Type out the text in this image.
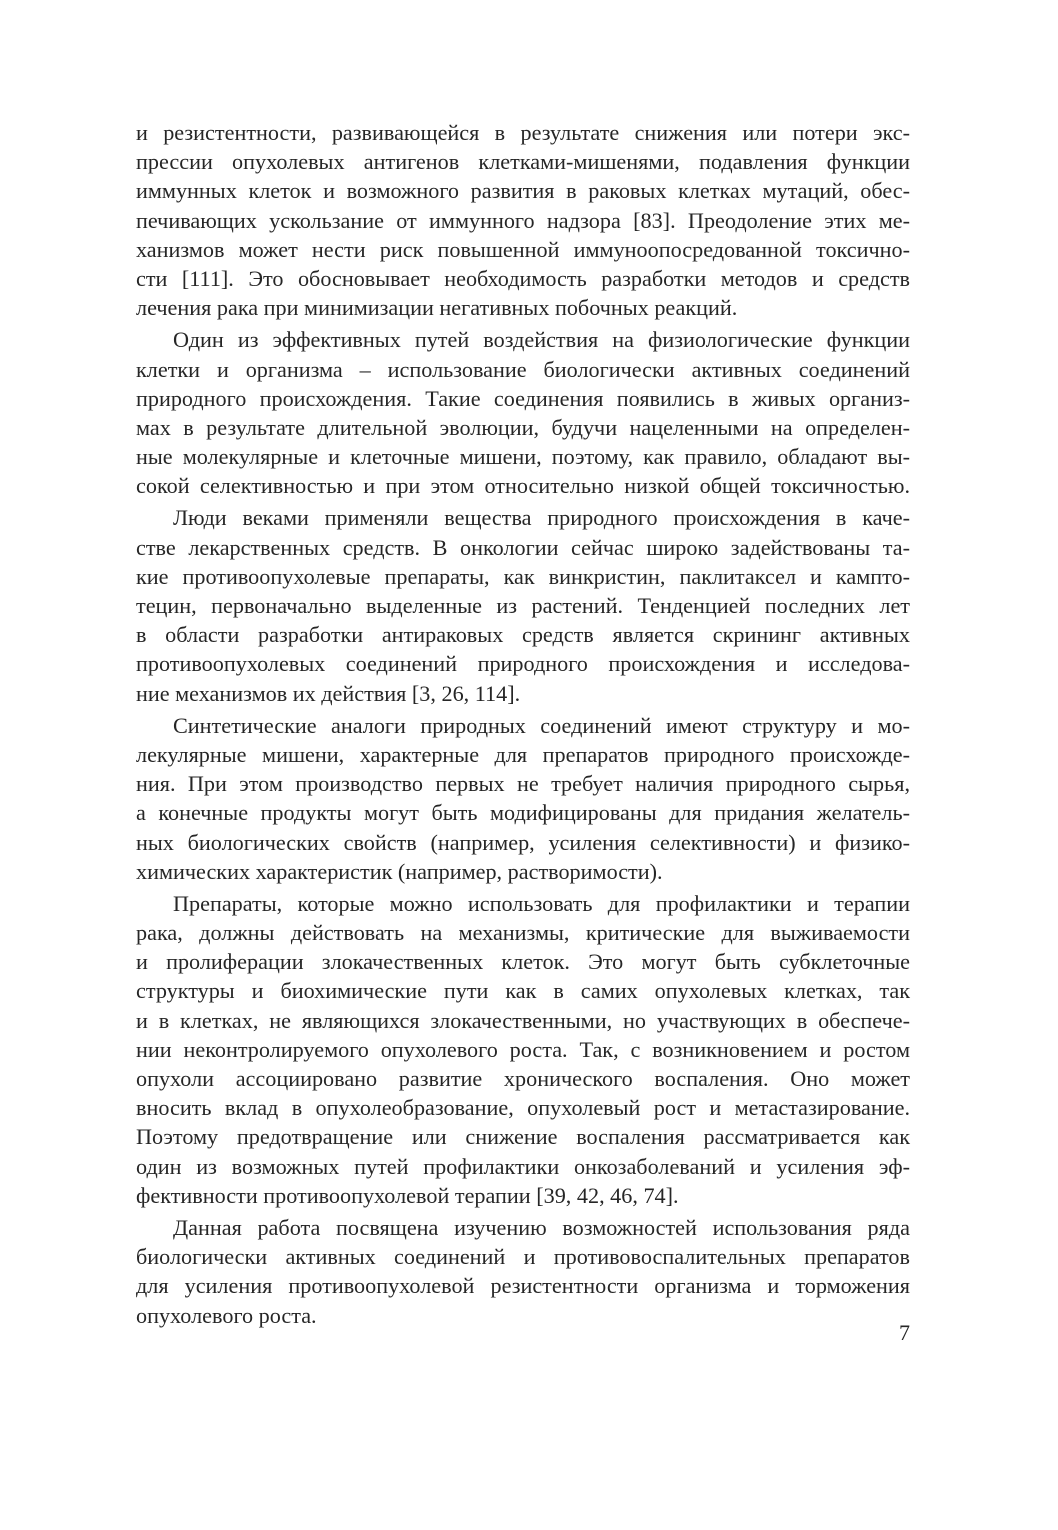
и резистентности, развивающейся в результате снижения или потери экс-
прессии опухолевых антигенов клетками-мишенями, подавления функции
иммунных клеток и возможного развития в раковых клетках мутаций, обес-
печивающих ускользание от иммунного надзора [83]. Преодоление этих ме-
ханизмов может нести риск повышенной иммуноопосредованной токсично-
сти [111]. Это обосновывает необходимость разработки методов и средств
лечения рака при минимизации негативных побочных реакций.
Один из эффективных путей воздействия на физиологические функции
клетки и организма – использование биологически активных соединений
природного происхождения. Такие соединения появились в живых организ-
мах в результате длительной эволюции, будучи нацеленными на определен-
ные молекулярные и клеточные мишени, поэтому, как правило, обладают вы-
сокой селективностью и при этом относительно низкой общей токсичностью.
Люди веками применяли вещества природного происхождения в каче-
стве лекарственных средств. В онкологии сейчас широко задействованы та-
кие противоопухолевые препараты, как винкристин, паклитаксел и кампто-
тецин, первоначально выделенные из растений. Тенденцией последних лет
в области разработки антираковых средств является скрининг активных
противоопухолевых соединений природного происхождения и исследова-
ние механизмов их действия [3, 26, 114].
Синтетические аналоги природных соединений имеют структуру и мо-
лекулярные мишени, характерные для препаратов природного происхожде-
ния. При этом производство первых не требует наличия природного сырья,
а конечные продукты могут быть модифицированы для придания желатель-
ных биологических свойств (например, усиления селективности) и физико-
химических характеристик (например, растворимости).
Препараты, которые можно использовать для профилактики и терапии
рака, должны действовать на механизмы, критические для выживаемости
и пролиферации злокачественных клеток. Это могут быть субклеточные
структуры и биохимические пути как в самих опухолевых клетках, так
и в клетках, не являющихся злокачественными, но участвующих в обеспече-
нии неконтролируемого опухолевого роста. Так, с возникновением и ростом
опухоли ассоциировано развитие хронического воспаления. Оно может
вносить вклад в опухолеобразование, опухолевый рост и метастазирование.
Поэтому предотвращение или снижение воспаления рассматривается как
один из возможных путей профилактики онкозаболеваний и усиления эф-
фективности противоопухолевой терапии [39, 42, 46, 74].
Данная работа посвящена изучению возможностей использования ряда
биологически активных соединений и противовоспалительных препаратов
для усиления противоопухолевой резистентности организма и торможения
опухолевого роста.
7
